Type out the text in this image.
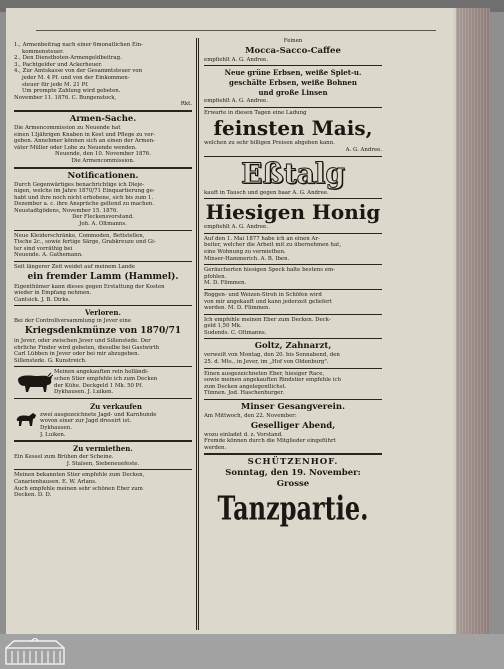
1., Armenbeitrag nach einer 6monatlichen Ein-

kommensteuer.

2., Den Dienstboten-Armengeldbeitrag.

3., Pachtgelder und Ackerheuer.

4., Zur Amtskasse von der Gesammtsteuer von

jeder M. 4 Pf. und von der Einkommen-

steuer für jede M. 21 Pf.

Um prompte Zahlung wird gebeten.

November 11. 1876. C. Bungenstock,

Rkt.

Armen-Sache.

Die Armencommission zu Neuende hat

einen 13jährigen Knaben in Kost und Pflege zu ver-

geben. Annehmer können sich an einen der Armen-

väter Müller oder Lohe zu Neuende wenden.

Neuende, den 10. November 1876.

Die Armencommission.

Notificationen.

Durch Gegenwärtiges benachrichtige ich Dieje-

nigen, welche im Jahre 1870/71 Einquartierung ge-

habt und ihre noch nicht erhobene, sich bis zum 1.

Dezember a. c. ihre Ansprüche geltend zu machen.

Neustadtgödens, November 15. 1876.

Der Fleckensvorstand.

Joh. A. Oltmanns.

Neue Kleiderschränke, Commoden, Bettstellen,

Tische 2c., sowie fertige Särge, Grabkreuze und Gi-

ter sind vorräthig bei

Neuende. A. Gathemann.

Seit längerer Zeit weidet auf meinem Lande

ein fremder Lamm (Hammel).

Eigenthümer kann dieses gegen Erstattung der Kosten

wieder in Empfang nehmen.

Cantsick. J. B. Dirks.

Verloren.

Bei der Controllversammlung in Jever eine

Kriegsdenkmünze von 1870/71

in Jever, oder zwischen Jever und Sillenstede. Der

ehrliche Finder wird gebeten, dieselbe bei Gastwirth

Carl Lübben in Jever oder bei mir abzugeben.

Sillenstede. G. Kunstreich.

Meinen angekauften rein holländi-

schen Stier empfehle ich zum Decken

der Kühe. Deckgeld 1 Mk. 50 Pf.

Dykhausen. J. Luiken.

Zu verkaufen

zwei ausgezeichnete Jagd- und Karnhunde

wovon einer zur Jagd dressirt ist.

Dykhausen.

J. Luiken.

Zu vermiethen.

Ein Kessel zum Brühen der Scheine.

J. Stalsen, Siebeneuefeste.

Meinen bekannten Stier empfehle zum Decken,

Canarienhausen. E. W. Arlans.

Auch empfehle meinen sehr schönen Eber zum

Decken. D. D.

Feinen

Mocca-Sacco-Caffee

empfiehlt A. G. Andree.

Neue grüne Erbsen, weiße Splet-u.

geschälte Erbsen, weiße Bohnen

und große Linsen

empfiehlt A. G. Andree.

Erwarte in diesen Tagen eine Ladung

feinsten Mais,

welchen zu sehr billigen Preisen abgeben kann.

A. G. Andree.

Eßtalg

kauft in Tausch und gegen baar A. G. Andree.

Hiesigen Honig

empfiehlt A. G. Andree.

Auf den 1. Mai 1877 habe ich an einen Ar-

beiter, welcher die Arbeit mit zu übernehmen hat,

eine Wohnung zu vermiethen.

Minser-Hammerich. A. B. Iben.

Geräucherten hiesigen Speck halte bestens em-

pfohlen.

M. D. Flimmen.

Roggen- und Weizen-Stroh in Schöfen wird

von mir angekauft und kann jederzeit geliefert

werden. M. D. Flimmen.

Ich empfehle meinen Eber zum Decken. Deck-

geld 1,50 Mk.

Sudends. C. Oltmanns.

Goltz, Zahnarzt,

verweilt von Montag, den 20. bis Sonnabend, den

25. d. Mts., in Jever, im „Hof von Oldenburg".

Einen ausgezeichneten Eber, hiesiger Race,

sowie meinen angekauften Rindstier empfehle ich

zum Decken angelegentlichst.

Tünnen. Jod. Haschenburger.

Minser Gesangverein.

Am Mittwoch, den 22. November:

Geselliger Abend,

wozu einladet d. z. Vorstand.

Fremde können durch die Mitglieder eingeführt

werden.

SCHÜTZENHOF.

Sonntag, den 19. November:

Grosse

Tanzpartie.
